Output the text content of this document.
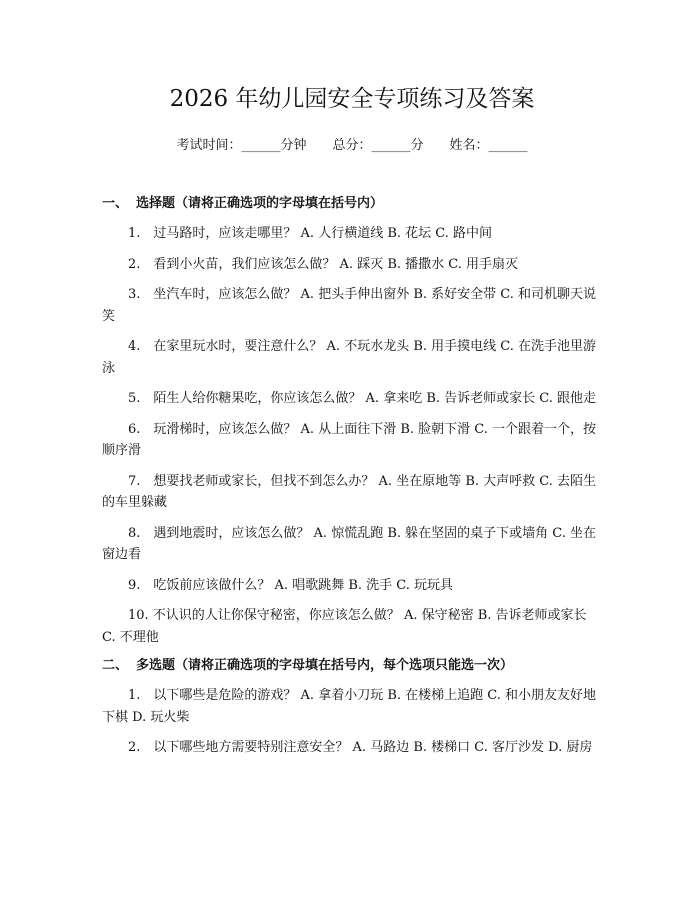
2026 年幼儿园安全专项练习及答案
考试时间：______分钟 总分：______分 姓名：______
一、 选择题（请将正确选项的字母填在括号内）

1.　过马路时，应该走哪里？ A. 人行横道线 B. 花坛 C. 路中间

2.　看到小火苗，我们应该怎么做？ A. 踩灭 B. 播撒水 C. 用手扇灭

3.　坐汽车时，应该怎么做？ A. 把头手伸出窗外 B. 系好安全带 C. 和司机聊天说笑

4.　在家里玩水时，要注意什么？ A. 不玩水龙头 B. 用手摸电线 C. 在洗手池里游泳

5.　陌生人给你糖果吃，你应该怎么做？ A. 拿来吃 B. 告诉老师或家长 C. 跟他走

6.　玩滑梯时，应该怎么做？ A. 从上面往下滑 B. 脸朝下滑 C. 一个跟着一个，按顺序滑

7.　想要找老师或家长，但找不到怎么办？ A. 坐在原地等 B. 大声呼救 C. 去陌生的车里躲藏

8.　遇到地震时，应该怎么做？ A. 惊慌乱跑 B. 躲在坚固的桌子下或墙角 C. 坐在窗边看

9.　吃饭前应该做什么？ A. 唱歌跳舞 B. 洗手 C. 玩玩具

10. 不认识的人让你保守秘密，你应该怎么做？ A. 保守秘密 B. 告诉老师或家长 C. 不理他

二、 多选题（请将正确选项的字母填在括号内，每个选项只能选一次）

1.　以下哪些是危险的游戏？ A. 拿着小刀玩 B. 在楼梯上追跑 C. 和小朋友友好地下棋 D. 玩火柴

2.　以下哪些地方需要特别注意安全？ A. 马路边 B. 楼梯口 C. 客厅沙发 D. 厨房
